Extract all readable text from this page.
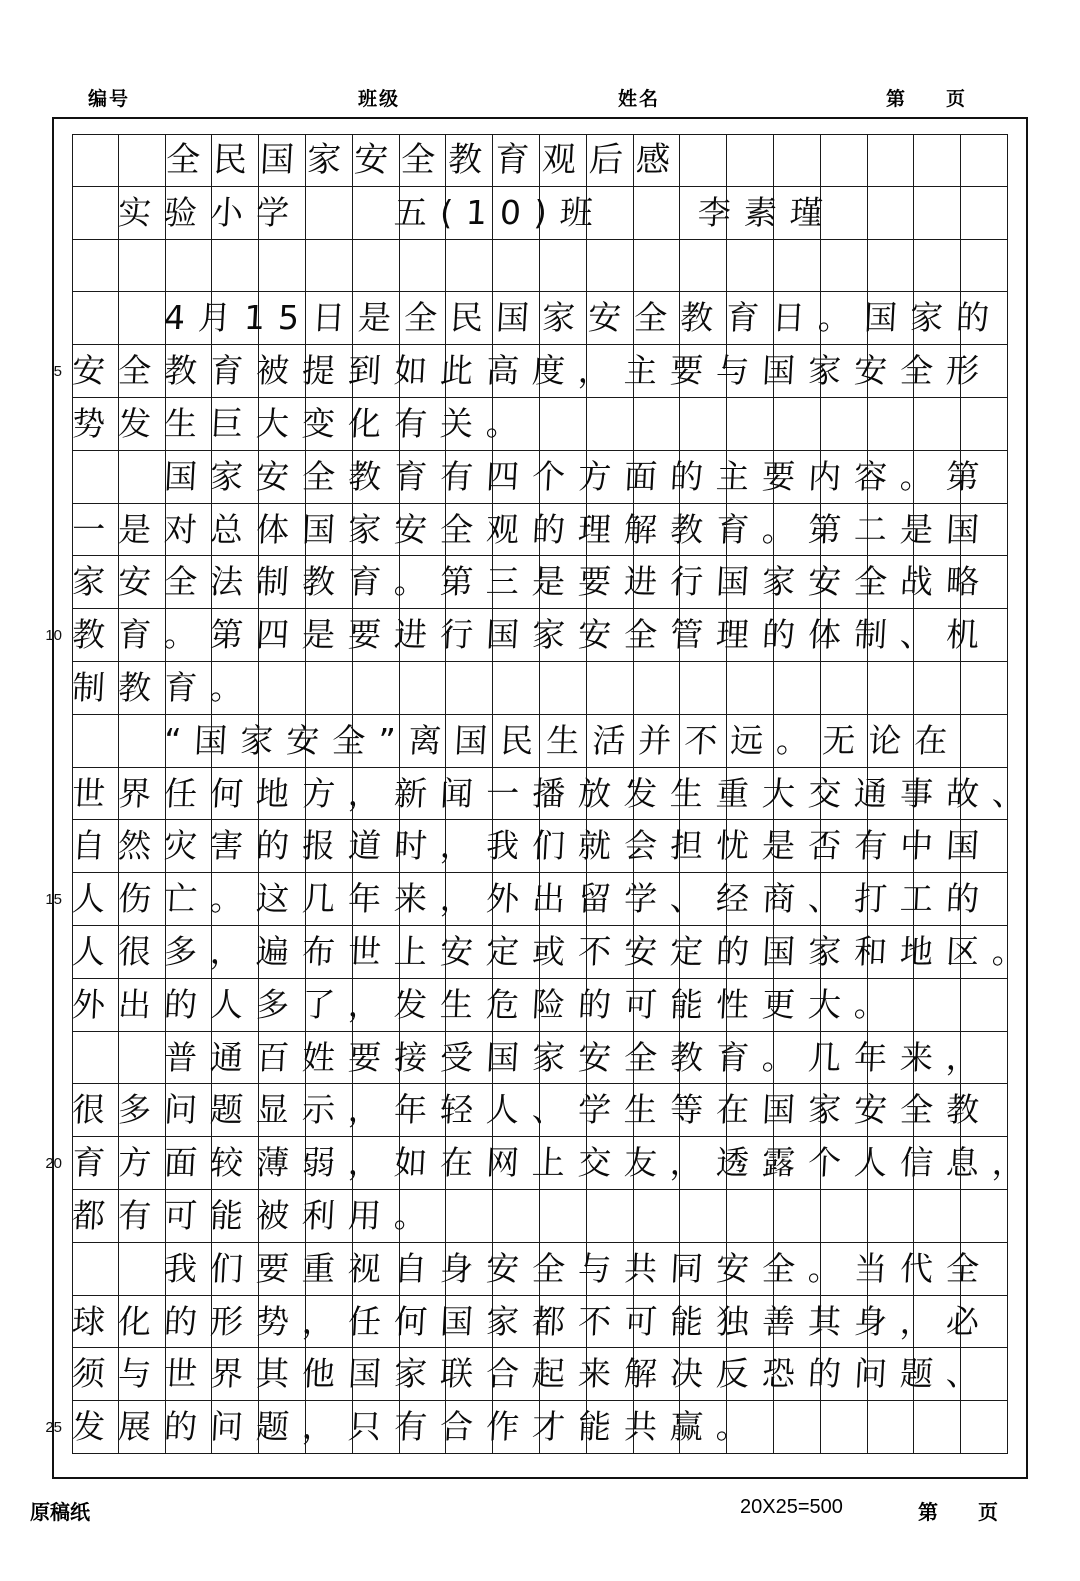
编号	班级	姓名	第 页
5
10
15
20
25
　　全民国家安全教育观后感
　实验小学　　五(10)班　　李素瑾
　　4月15日是全民国家安全教育日。国家的
安全教育被提到如此高度，主要与国家安全形
势发生巨大变化有关。
　　国家安全教育有四个方面的主要内容。第
一是对总体国家安全观的理解教育。第二是国
家安全法制教育。第三是要进行国家安全战略
教育。第四是要进行国家安全管理的体制、机
制教育。
　　“国家安全”离国民生活并不远。无论在
世界任何地方，新闻一播放发生重大交通事故、
自然灾害的报道时，我们就会担忧是否有中国
人伤亡。这几年来，外出留学、经商、打工的
人很多，遍布世上安定或不安定的国家和地区。
外出的人多了，发生危险的可能性更大。
　　普通百姓要接受国家安全教育。几年来，
很多问题显示，年轻人、学生等在国家安全教
育方面较薄弱，如在网上交友，透露个人信息，
都有可能被利用。
　　我们要重视自身安全与共同安全。当代全
球化的形势，任何国家都不可能独善其身，必
须与世界其他国家联合起来解决反恐的问题、
发展的问题，只有合作才能共赢。
原稿纸	20X25=500	第 页
